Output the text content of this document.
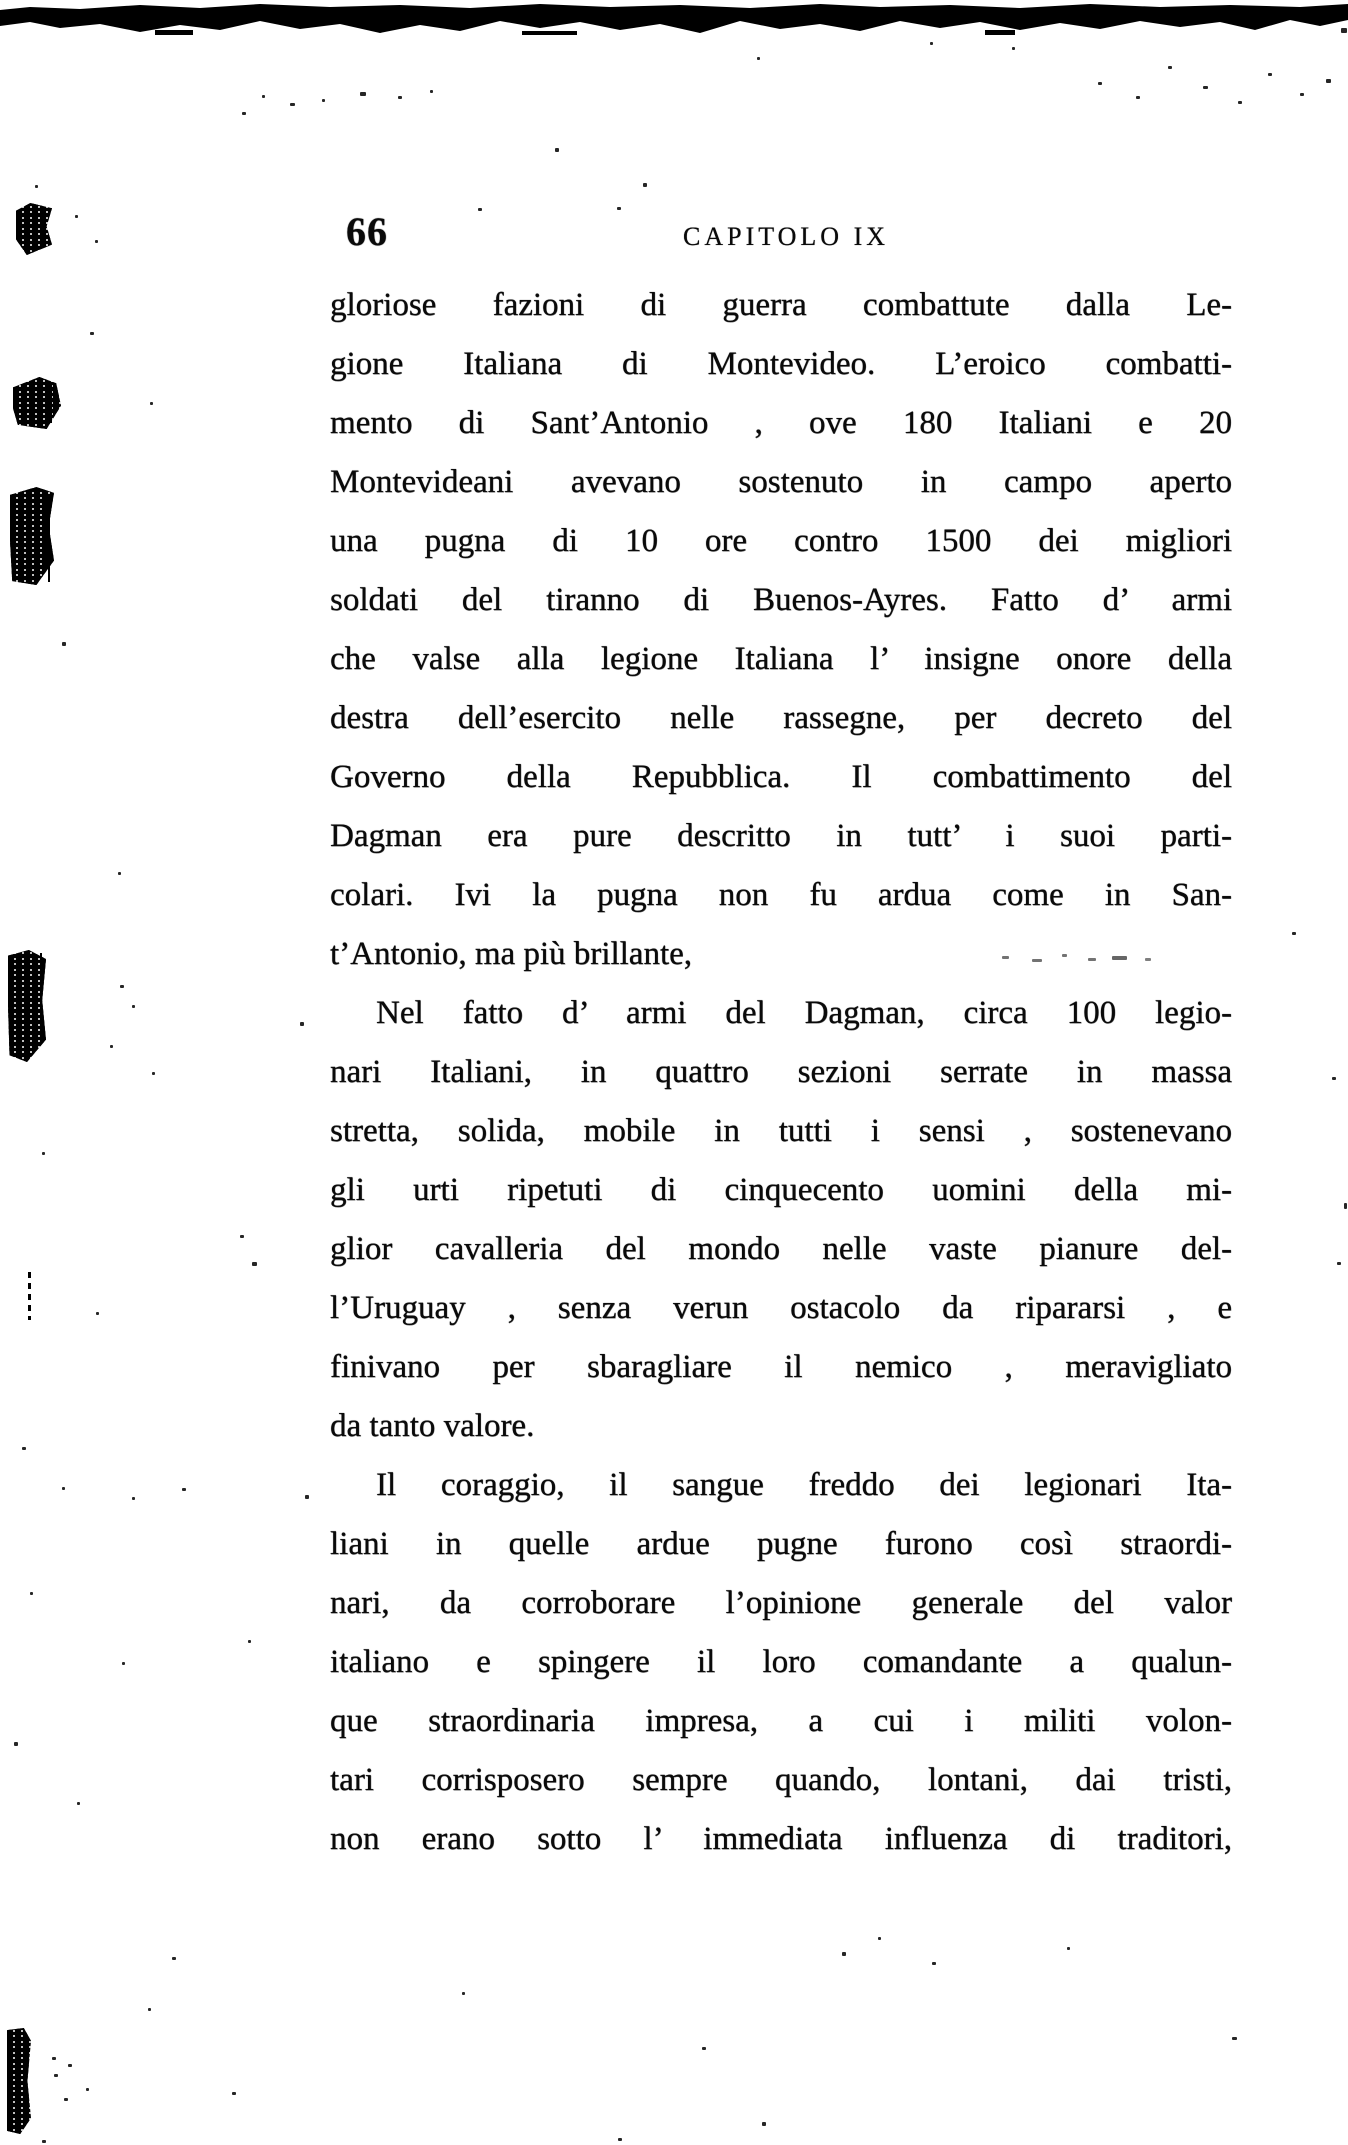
66	CAPITOLO IX
gloriose fazioni di guerra combattute dalla Le-
gione Italiana di Montevideo. L’eroico combatti-
mento di Sant’Antonio , ove 180 Italiani e 20
Montevideani avevano sostenuto in campo aperto
una pugna di 10 ore contro 1500 dei migliori
soldati del tiranno di Buenos-Ayres. Fatto d’ armi
che valse alla legione Italiana l’ insigne onore della
destra dell’esercito nelle rassegne, per decreto del
Governo della Repubblica. Il combattimento del
Dagman era pure descritto in tutt’ i suoi parti-
colari. Ivi la pugna non fu ardua come in San-
t’Antonio, ma più brillante,
Nel fatto d’ armi del Dagman, circa 100 legio-
nari Italiani, in quattro sezioni serrate in massa
stretta, solida, mobile in tutti i sensi , sostenevano
gli urti ripetuti di cinquecento uomini della mi-
glior cavalleria del mondo nelle vaste pianure del-
l’Uruguay , senza verun ostacolo da ripararsi , e
finivano per sbaragliare il nemico , meravigliato
da tanto valore.
Il coraggio, il sangue freddo dei legionari Ita-
liani in quelle ardue pugne furono così straordi-
nari, da corroborare l’opinione generale del valor
italiano e spingere il loro comandante a qualun-
que straordinaria impresa, a cui i militi volon-
tari corrisposero sempre quando, lontani, dai tristi,
non erano sotto l’ immediata influenza di traditori,
